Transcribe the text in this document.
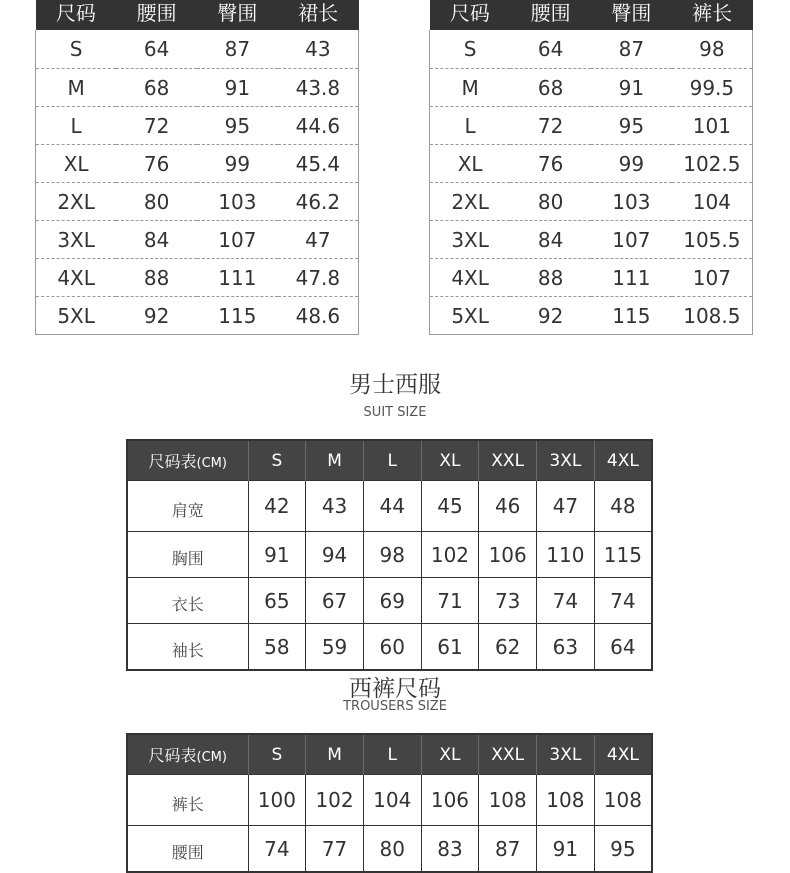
尺码	腰围	臀围	裙长
S	64	87	43
M	68	91	43.8
L	72	95	44.6
XL	76	99	45.4
2XL	80	103	46.2
3XL	84	107	47
4XL	88	111	47.8
5XL	92	115	48.6
尺码	腰围	臀围	裤长
S	64	87	98
M	68	91	99.5
L	72	95	101
XL	76	99	102.5
2XL	80	103	104
3XL	84	107	105.5
4XL	88	111	107
5XL	92	115	108.5
男士西服

SUIT SIZE

尺码表(CM)	S	M	L	XL	XXL	3XL	4XL
肩宽	42	43	44	45	46	47	48
胸围	91	94	98	102	106	110	115
衣长	65	67	69	71	73	74	74
袖长	58	59	60	61	62	63	64
西裤尺码

TROUSERS SIZE

尺码表(CM)	S	M	L	XL	XXL	3XL	4XL
裤长	100	102	104	106	108	108	108
腰围	74	77	80	83	87	91	95
